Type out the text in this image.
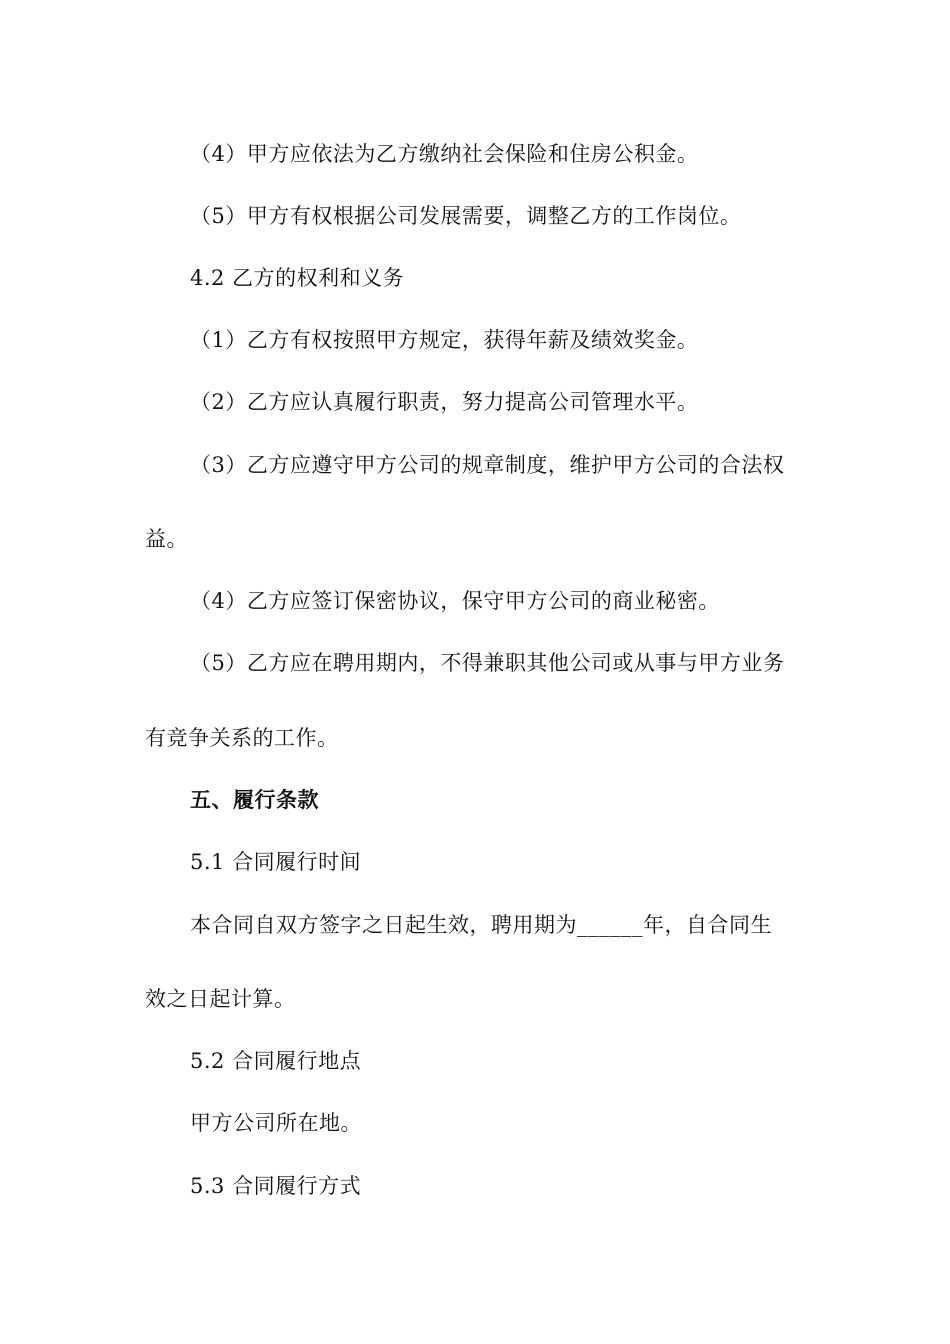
（4）甲方应依法为乙方缴纳社会保险和住房公积金。
（5）甲方有权根据公司发展需要，调整乙方的工作岗位。
4.2 乙方的权利和义务
（1）乙方有权按照甲方规定，获得年薪及绩效奖金。
（2）乙方应认真履行职责，努力提高公司管理水平。
（3）乙方应遵守甲方公司的规章制度，维护甲方公司的合法权
益。
（4）乙方应签订保密协议，保守甲方公司的商业秘密。
（5）乙方应在聘用期内，不得兼职其他公司或从事与甲方业务
有竞争关系的工作。
五、履行条款
5.1 合同履行时间
本合同自双方签字之日起生效，聘用期为______年，自合同生
效之日起计算。
5.2 合同履行地点
甲方公司所在地。
5.3 合同履行方式
